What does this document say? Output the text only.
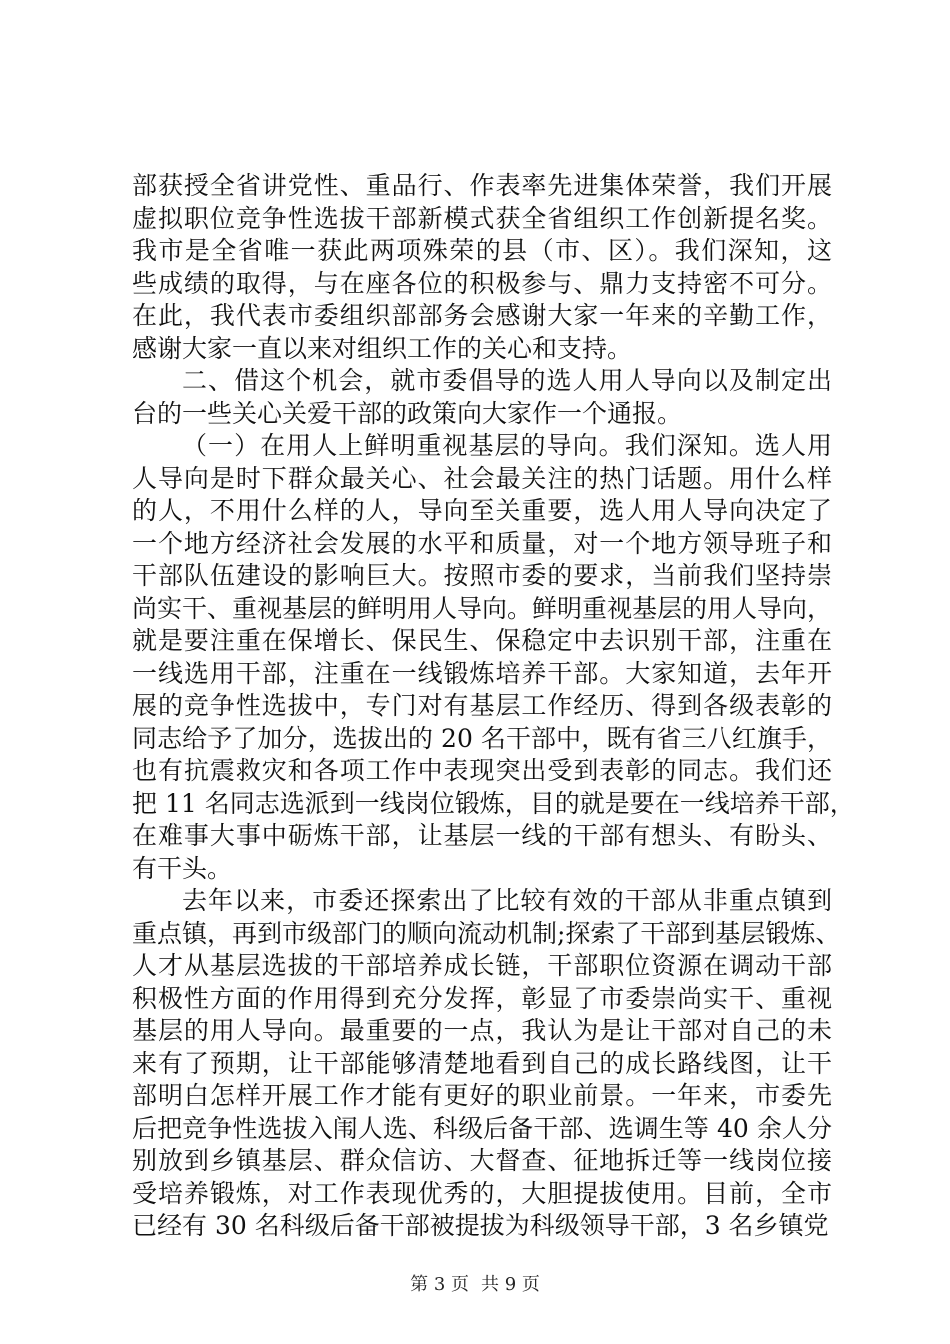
部获授全省讲党性、重品行、作表率先进集体荣誉，我们开展
虚拟职位竞争性选拔干部新模式获全省组织工作创新提名奖。
我市是全省唯一获此两项殊荣的县（市、区）。我们深知，这
些成绩的取得，与在座各位的积极参与、鼎力支持密不可分。
在此，我代表市委组织部部务会感谢大家一年来的辛勤工作，
感谢大家一直以来对组织工作的关心和支持。
二、借这个机会，就市委倡导的选人用人导向以及制定出
台的一些关心关爱干部的政策向大家作一个通报。
（一）在用人上鲜明重视基层的导向。我们深知。选人用
人导向是时下群众最关心、社会最关注的热门话题。用什么样
的人，不用什么样的人，导向至关重要，选人用人导向决定了
一个地方经济社会发展的水平和质量，对一个地方领导班子和
干部队伍建设的影响巨大。按照市委的要求，当前我们坚持崇
尚实干、重视基层的鲜明用人导向。鲜明重视基层的用人导向，
就是要注重在保增长、保民生、保稳定中去识别干部，注重在
一线选用干部，注重在一线锻炼培养干部。大家知道，去年开
展的竞争性选拔中，专门对有基层工作经历、得到各级表彰的
同志给予了加分，选拔出的 20 名干部中，既有省三八红旗手，
也有抗震救灾和各项工作中表现突出受到表彰的同志。我们还
把 11 名同志选派到一线岗位锻炼，目的就是要在一线培养干部，
在难事大事中砺炼干部，让基层一线的干部有想头、有盼头、
有干头。
去年以来，市委还探索出了比较有效的干部从非重点镇到
重点镇，再到市级部门的顺向流动机制;探索了干部到基层锻炼、
人才从基层选拔的干部培养成长链，干部职位资源在调动干部
积极性方面的作用得到充分发挥，彰显了市委崇尚实干、重视
基层的用人导向。最重要的一点，我认为是让干部对自己的未
来有了预期，让干部能够清楚地看到自己的成长路线图，让干
部明白怎样开展工作才能有更好的职业前景。一年来，市委先
后把竞争性选拔入闱人选、科级后备干部、选调生等 40 余人分
别放到乡镇基层、群众信访、大督查、征地拆迁等一线岗位接
受培养锻炼，对工作表现优秀的，大胆提拔使用。目前，全市
已经有 30 名科级后备干部被提拔为科级领导干部，3 名乡镇党
第 3 页 共 9 页
